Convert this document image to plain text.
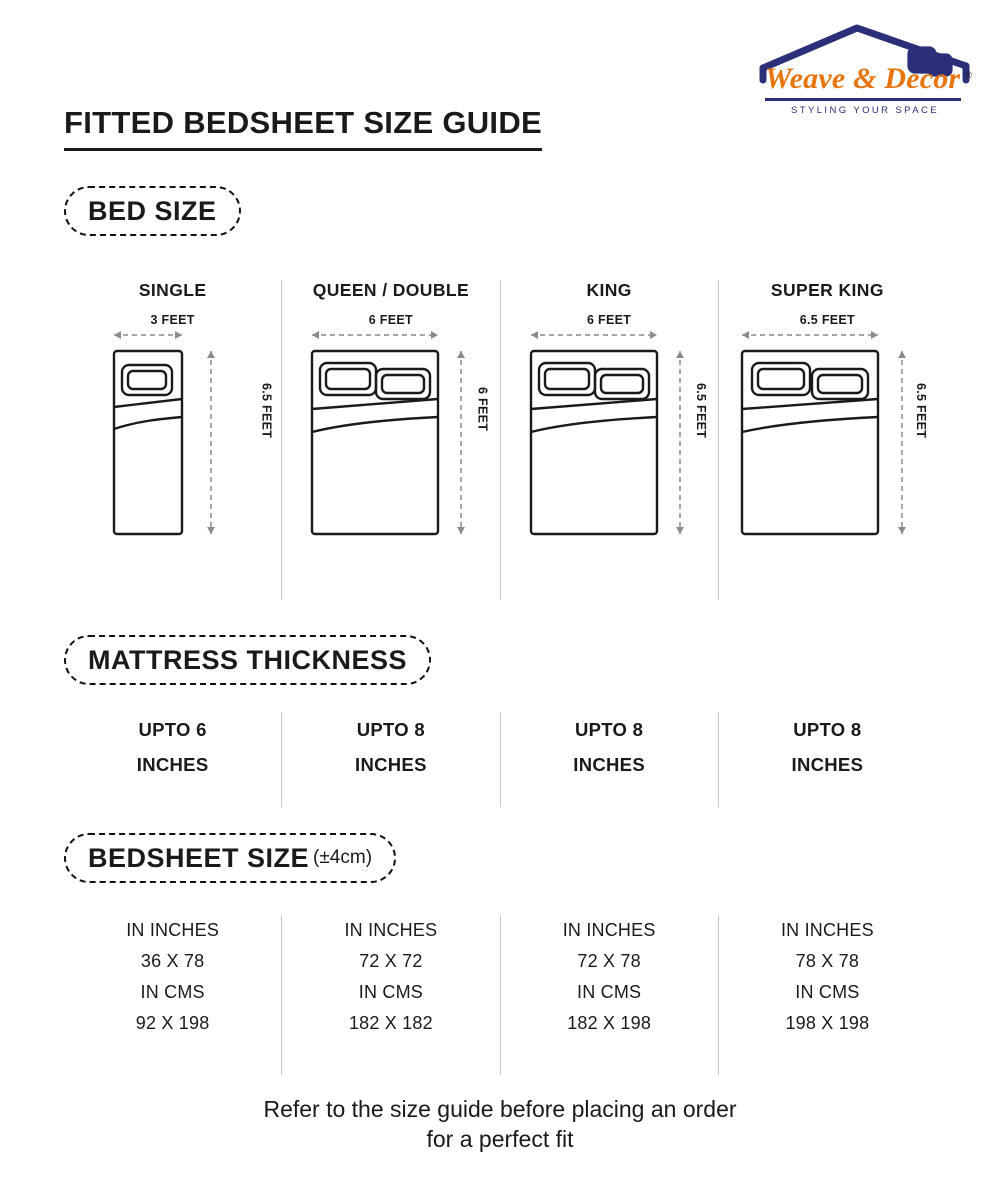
Weave & Decor
STYLING YOUR SPACE
®
FITTED BEDSHEET SIZE GUIDE
BED SIZE
SINGLE
3 FEET
6.5 FEET
QUEEN / DOUBLE
6 FEET
6 FEET
KING
6 FEET
6.5 FEET
SUPER KING
6.5 FEET
6.5 FEET
MATTRESS THICKNESS
UPTO 6
INCHES
UPTO 8
INCHES
UPTO 8
INCHES
UPTO 8
INCHES
BEDSHEET SIZE (±4cm)
IN INCHES
36 X 78
IN CMS
92 X 198
IN INCHES
72 X 72
IN CMS
182 X 182
IN INCHES
72 X 78
IN CMS
182 X 198
IN INCHES
78 X 78
IN CMS
198 X 198
Refer to the size guide before placing an order
for a perfect fit
